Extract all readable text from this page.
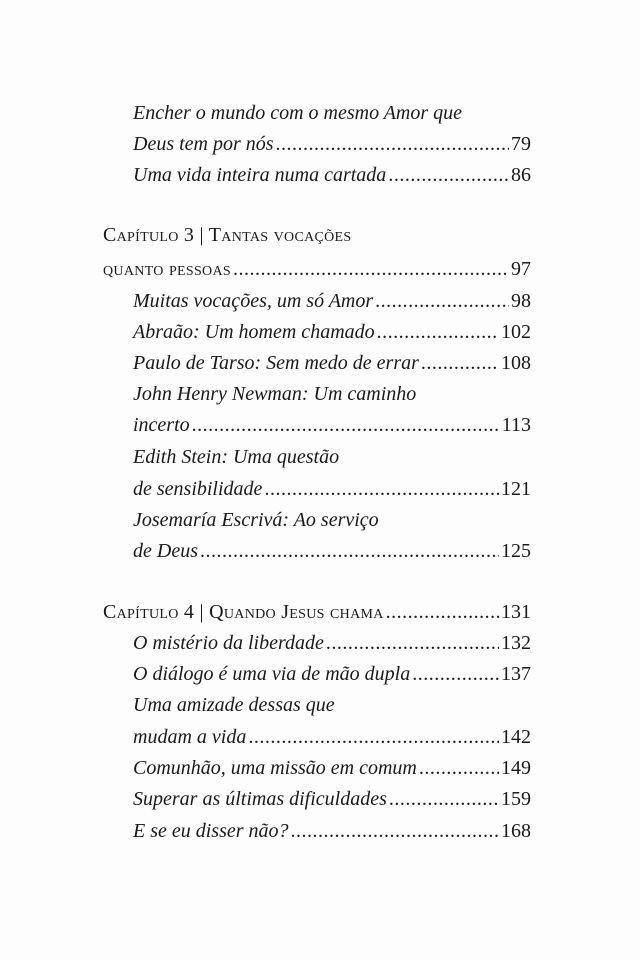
Encher o mundo com o mesmo Amor que
Deus tem por nós .....	79
Uma vida inteira numa cartada .....	86
Capítulo 3 | Tantas vocações
quanto pessoas .....	97
Muitas vocações, um só Amor .....	98
Abraão: Um homem chamado .....	102
Paulo de Tarso: Sem medo de errar .....	108
John Henry Newman: Um caminho
incerto .....	113
Edith Stein: Uma questão
de sensibilidade .....	121
Josemaría Escrivá: Ao serviço
de Deus .....	125
Capítulo 4 | Quando Jesus chama .....	131
O mistério da liberdade .....	132
O diálogo é uma via de mão dupla .....	137
Uma amizade dessas que
mudam a vida .....	142
Comunhão, uma missão em comum .....	149
Superar as últimas dificuldades .....	159
E se eu disser não? .....	168
